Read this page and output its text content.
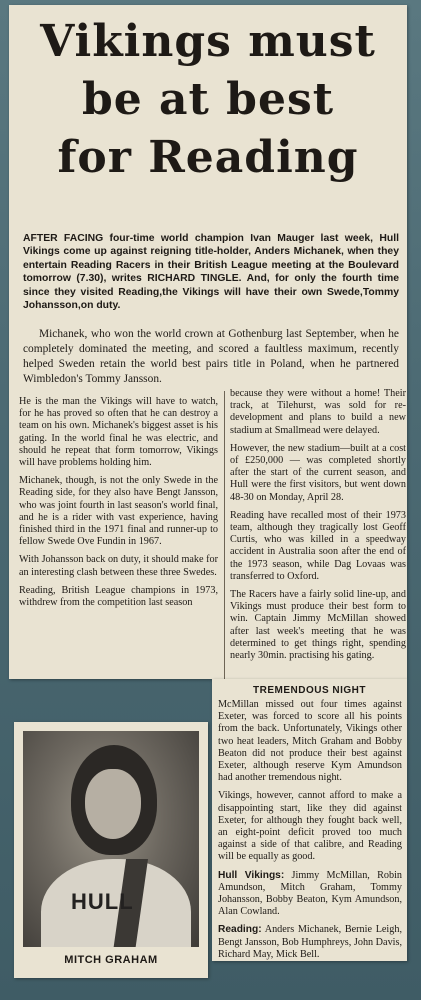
Vikings must
be at best
for Reading

AFTER FACING four-time world champion Ivan Mauger last week, Hull Vikings come up against reigning title-holder, Anders Michanek, when they entertain Reading Racers in their British League meeting at the Boulevard tomorrow (7.30), writes RICHARD TINGLE. And, for only the fourth time since they visited Reading,the Vikings will have their own Swede,Tommy Johansson,on duty.

Michanek, who won the world crown at Gothenburg last September, when he completely dominated the meeting, and scored a faultless maximum, recently helped Sweden retain the world best pairs title in Poland, when he partnered Wimbledon's Tommy Jansson.

He is the man the Vikings will have to watch, for he has proved so often that he can destroy a team on his own. Michanek's biggest asset is his gating. In the world final he was electric, and should he repeat that form tomorrow, Vikings will have problems holding him.

Michanek, though, is not the only Swede in the Reading side, for they also have Bengt Jansson, who was joint fourth in last season's world final, and he is a rider with vast experience, having finished third in the 1971 final and runner-up to fellow Swede Ove Fundin in 1967.

With Johansson back on duty, it should make for an interesting clash between these three Swedes.

Reading, British League champions in 1973, withdrew from the competition last season

because they were without a home! Their track, at Tilehurst, was sold for re-development and plans to build a new stadium at Smallmead were delayed.

However, the new stadium—built at a cost of £250,000 — was completed shortly after the start of the current season, and Hull were the first visitors, but went down 48-30 on Monday, April 28.

Reading have recalled most of their 1973 team, although they tragically lost Geoff Curtis, who was killed in a speedway accident in Australia soon after the end of the 1973 season, while Dag Lovaas was transferred to Oxford.

The Racers have a fairly solid line-up, and Vikings must produce their best form to win. Captain Jimmy McMillan showed after last week's meeting that he was determined to get things right, spending nearly 30min. practising his gating.

TREMENDOUS NIGHT

McMillan missed out four times against Exeter, was forced to score all his points from the back. Unfortunately, Vikings other two heat leaders, Mitch Graham and Bobby Beaton did not produce their best against Exeter, although reserve Kym Amundson had another tremendous night.

Vikings, however, cannot afford to make a disappointing start, like they did against Exeter, for although they fought back well, an eight-point deficit proved too much against a side of that calibre, and Reading will be equally as good.

Hull Vikings: Jimmy McMillan, Robin Amundson, Mitch Graham, Tommy Johansson, Bobby Beaton, Kym Amundson, Alan Cowland.

Reading: Anders Michanek, Bernie Leigh, Bengt Jansson, Bob Humphreys, John Davis, Richard May, Mick Bell.

HULL
MITCH GRAHAM
